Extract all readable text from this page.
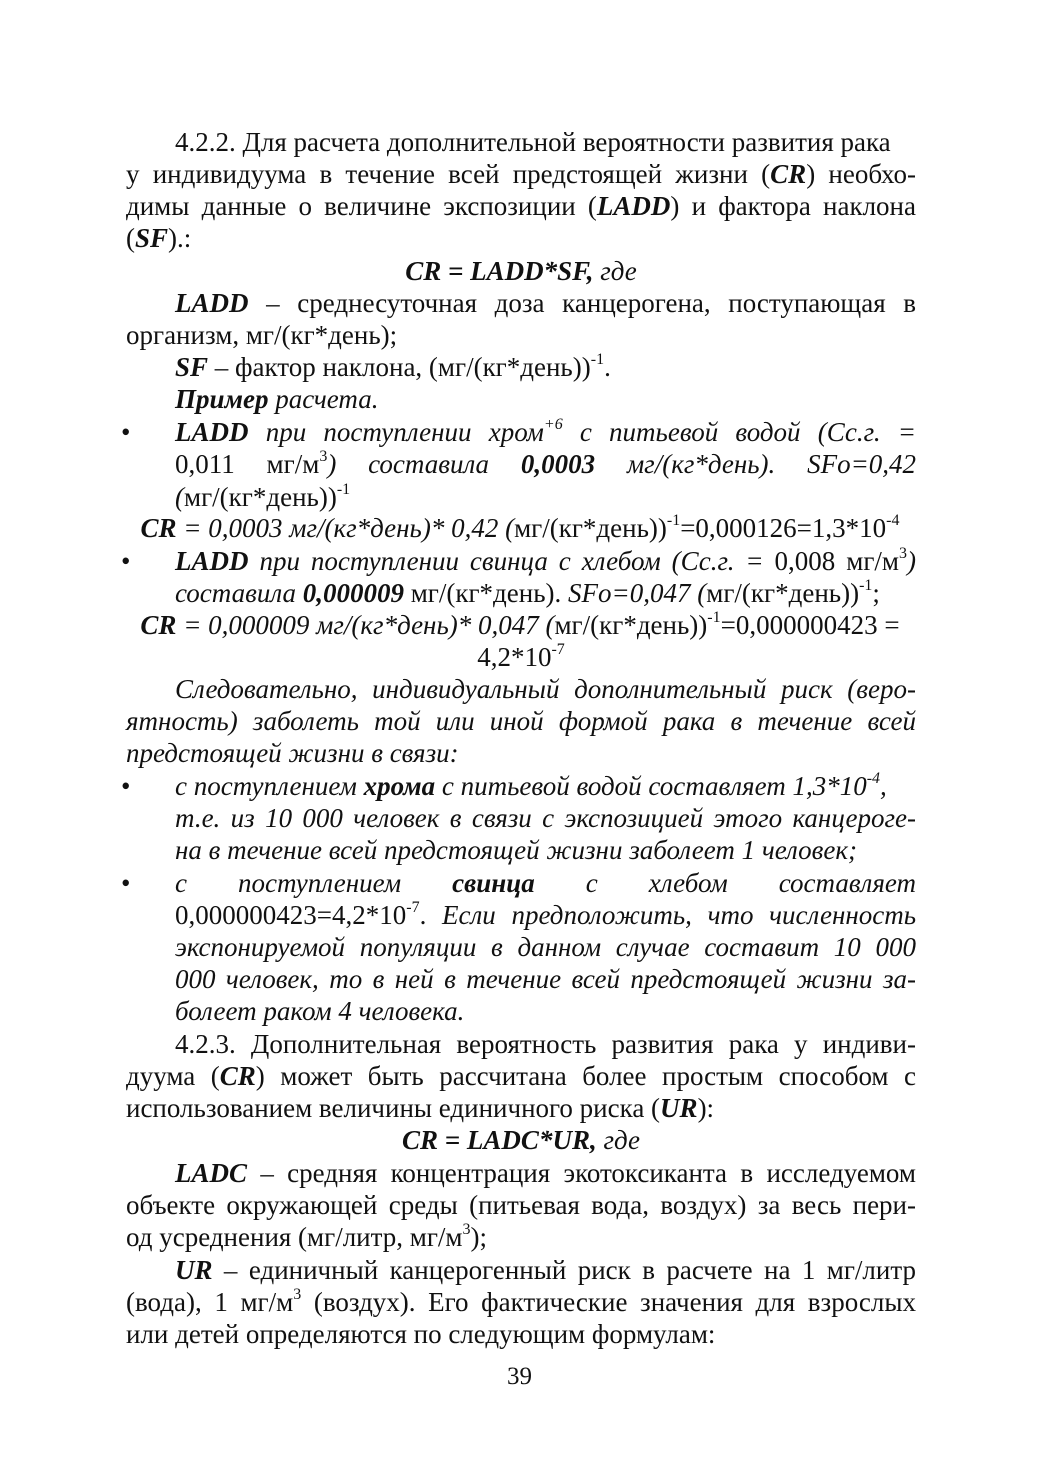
4.2.2. Для расчета дополнительной вероятности развития рака
у индивидуума в течение всей предстоящей жизни (CR) необхо-
димы данные о величине экспозиции (LADD) и фактора наклона
(SF).:
CR = LADD*SF, где
LADD – среднесуточная доза канцерогена, поступающая в
организм, мг/(кг*день);
SF – фактор наклона, (мг/(кг*день))$^{-1}$.
Пример расчета.
• LADD при поступлении хром$^{+6}$ с питьевой водой (Сс.г. =
0,011 $мг/м^3$) составила 0,0003 мг/(кг*день). SFo=0,42
(мг/(кг*день))$^{-1}$
CR = 0,0003 мг/(кг*день)* 0,42 $(мг/(кг*день))^{-1}=0,000126=1,3*10^{-4}$
• LADD при поступлении свинца с хлебом (Сс.г. = 0,008 $мг/м^3$)
составила 0,000009 мг/(кг*день). SFo=0,047 (мг/(кг*день))$^{-1}$;
CR = 0,000009 мг/(кг*день)* 0,047 (мг/(кг*день))$^{-1}$=0,000000423 =
$4,2*10^{-7}$
Следовательно, индивидуальный дополнительный риск (веро-
ятность) заболеть той или иной формой рака в течение всей
предстоящей жизни в связи:
• с поступлением хрома с питьевой водой составляет $1,3*10^{-4}$,
т.е. из 10 000 человек в связи с экспозицией этого канцероге-
на в течение всей предстоящей жизни заболеет 1 человек;
• с поступлением свинца с хлебом составляет
$0,000000423=4,2*10^{-7}$. Если предположить, что численность
экспонируемой популяции в данном случае составит 10 000
000 человек, то в ней в течение всей предстоящей жизни за-
болеет раком 4 человека.
4.2.3. Дополнительная вероятность развития рака у индиви-
дуума (CR) может быть рассчитана более простым способом с
использованием величины единичного риска (UR):
CR = LADC*UR, где
LADC – средняя концентрация экотоксиканта в исследуемом
объекте окружающей среды (питьевая вода, воздух) за весь пери-
од усреднения (мг/литр, $мг/м^3$);
UR – единичный канцерогенный риск в расчете на 1 мг/литр
(вода), 1 $мг/м^3$ (воздух). Его фактические значения для взрослых
или детей определяются по следующим формулам:
39
